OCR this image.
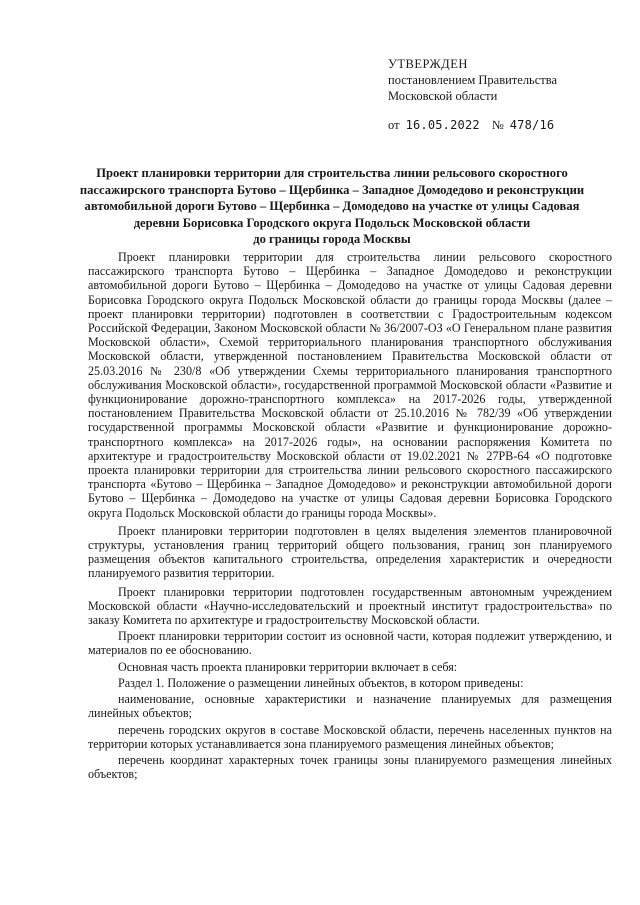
УТВЕРЖДЕН
постановлением Правительства
Московской области
от 16.05.2022 № 478/16
Проект планировки территории для строительства линии рельсового скоростного
пассажирского транспорта Бутово – Щербинка – Западное Домодедово и реконструкции
автомобильной дороги Бутово – Щербинка – Домодедово на участке от улицы Садовая
деревни Борисовка Городского округа Подольск Московской области
до границы города Москвы

Проект планировки территории для строительства линии рельсового скоростного пассажирского транспорта Бутово – Щербинка – Западное Домодедово и реконструкции автомобильной дороги Бутово – Щербинка – Домодедово на участке от улицы Садовая деревни Борисовка Городского округа Подольск Московской области до границы города Москвы (далее – проект планировки территории) подготовлен в соответствии с Градостроительным кодексом Российской Федерации, Законом Московской области № 36/2007-ОЗ «О Генеральном плане развития Московской области», Схемой территориального планирования транспортного обслуживания Московской области, утвержденной постановлением Правительства Московской области от 25.03.2016 № 230/8 «Об утверждении Схемы территориального планирования транспортного обслуживания Московской области», государственной программой Московской области «Развитие и функционирование дорожно-транспортного комплекса» на 2017-2026 годы, утвержденной постановлением Правительства Московской области от 25.10.2016 № 782/39 «Об утверждении государственной программы Московской области «Развитие и функционирование дорожно-транспортного комплекса» на 2017-2026 годы», на основании распоряжения Комитета по архитектуре и градостроительству Московской области от 19.02.2021 № 27РВ-64 «О подготовке проекта планировки территории для строительства линии рельсового скоростного пассажирского транспорта «Бутово – Щербинка – Западное Домодедово» и реконструкции автомобильной дороги Бутово – Щербинка – Домодедово на участке от улицы Садовая деревни Борисовка Городского округа Подольск Московской области до границы города Москвы».

Проект планировки территории подготовлен в целях выделения элементов планировочной структуры, установления границ территорий общего пользования, границ зон планируемого размещения объектов капитального строительства, определения характеристик и очередности планируемого развития территории.

Проект планировки территории подготовлен государственным автономным учреждением Московской области «Научно-исследовательский и проектный институт градостроительства» по заказу Комитета по архитектуре и градостроительству Московской области.

Проект планировки территории состоит из основной части, которая подлежит утверждению, и материалов по ее обоснованию.

Основная часть проекта планировки территории включает в себя:

Раздел 1. Положение о размещении линейных объектов, в котором приведены:

наименование, основные характеристики и назначение планируемых для размещения линейных объектов;

перечень городских округов в составе Московской области, перечень населенных пунктов на территории которых устанавливается зона планируемого размещения линейных объектов;

перечень координат характерных точек границы зоны планируемого размещения линейных объектов;
